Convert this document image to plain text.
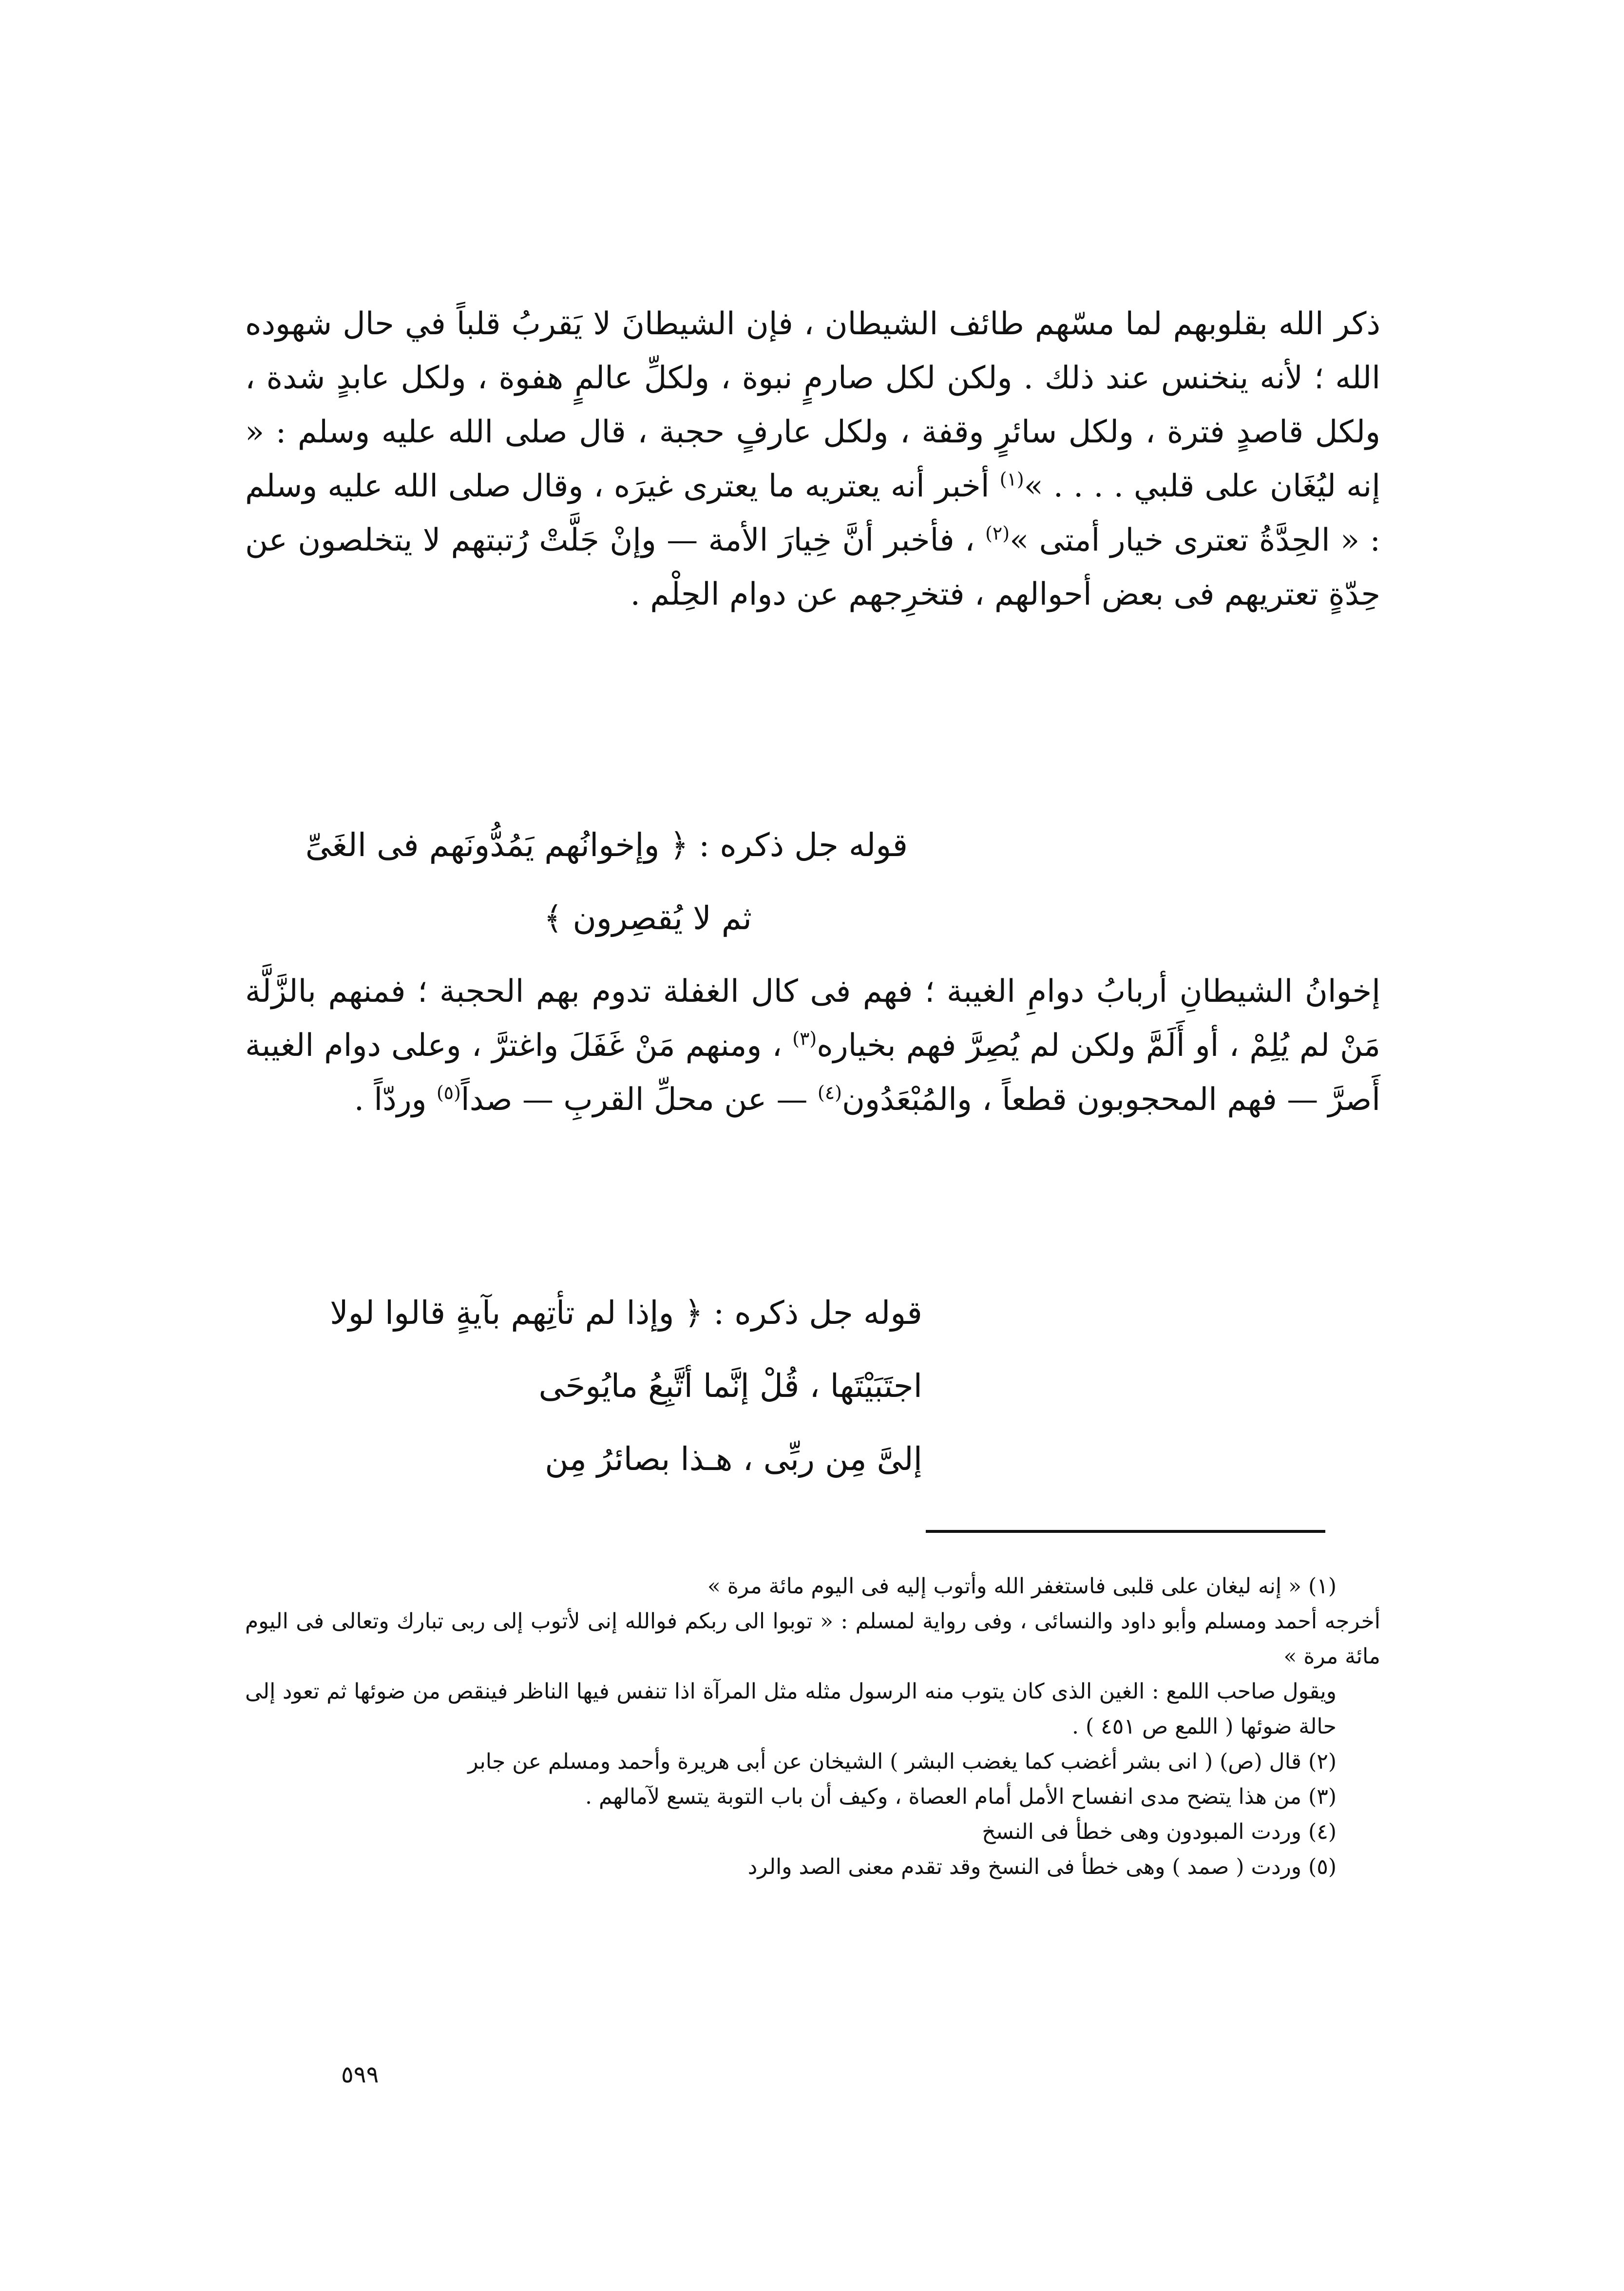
ذكر الله بقلوبهم لما مسّهم طائف الشيطان ، فإن الشيطانَ لا يَقربُ قلباً في حال شهوده الله ؛ لأنه ينخنس عند ذلك . ولكن لكل صارمٍ نبوة ، ولكلِّ عالمٍ هفوة ، ولكل عابدٍ شدة ، ولكل قاصدٍ فترة ، ولكل سائرٍ وقفة ، ولكل عارفٍ حجبة ، قال صلى الله عليه وسلم : « إنه ليُغَان على قلبي . . . . »$^{(١)}$ أخبر أنه يعتريه ما يعترى غيرَه ، وقال صلى الله عليه وسلم : « الحِدَّةُ تعترى خيار أمتى »$^{(٢)}$ ، فأخبر أنَّ خِيارَ الأمة — وإنْ جَلَّتْ رُتبتهم لا يتخلصون عن حِدّةٍ تعتريهم فى بعض أحوالهم ، فتخرِجهم عن دوام الحِلْم .
قوله جل ذكره : ﴿ وإخوانُهم يَمُدُّونَهم فى الغَىِّ
ثم لا يُقصِرون ﴾
إخوانُ الشيطانِ أربابُ دوامِ الغيبة ؛ فهم فى كال الغفلة تدوم بهم الحجبة ؛ فمنهم بالزَّلَّة مَنْ لم يُلِمْ ، أو أَلَمَّ ولكن لم يُصِرَّ فهم بخياره$^{(٣)}$ ، ومنهم مَنْ غَفَلَ واغترَّ ، وعلى دوام الغيبة أَصرَّ — فهم المحجوبون قطعاً ، والمُبْعَدُون$^{(٤)}$ — عن محلِّ القربِ — صداً$^{(٥)}$ وردّاً .
قوله جل ذكره : ﴿ وإذا لم تأتِهم بآيةٍ قالوا لولا
اجتَبَيْتَها ، قُلْ إنَّما أتَّبِعُ مايُوحَى
إلىَّ مِن ربِّى ، هـذا بصائرُ مِن

(١) « إنه ليغان على قلبى فاستغفر الله وأتوب إليه فى اليوم مائة مرة »

أخرجه أحمد ومسلم وأبو داود والنسائى ، وفى رواية لمسلم : « توبوا الى ربكم فوالله إنى لأتوب إلى ربى تبارك وتعالى فى اليوم مائة مرة »

ويقول صاحب اللمع : الغين الذى كان يتوب منه الرسول مثله مثل المرآة اذا تنفس فيها الناظر فينقص من ضوئها ثم تعود إلى حالة ضوئها ( اللمع ص ٤٥١ ) .

(٢) قال (ص) ( انى بشر أغضب كما يغضب البشر ) الشيخان عن أبى هريرة وأحمد ومسلم عن جابر

(٣) من هذا يتضح مدى انفساح الأمل أمام العصاة ، وكيف أن باب التوبة يتسع لآمالهم .

(٤) وردت المبودون وهى خطأ فى النسخ

(٥) وردت ( صمد ) وهى خطأ فى النسخ وقد تقدم معنى الصد والرد

٥٩٩
